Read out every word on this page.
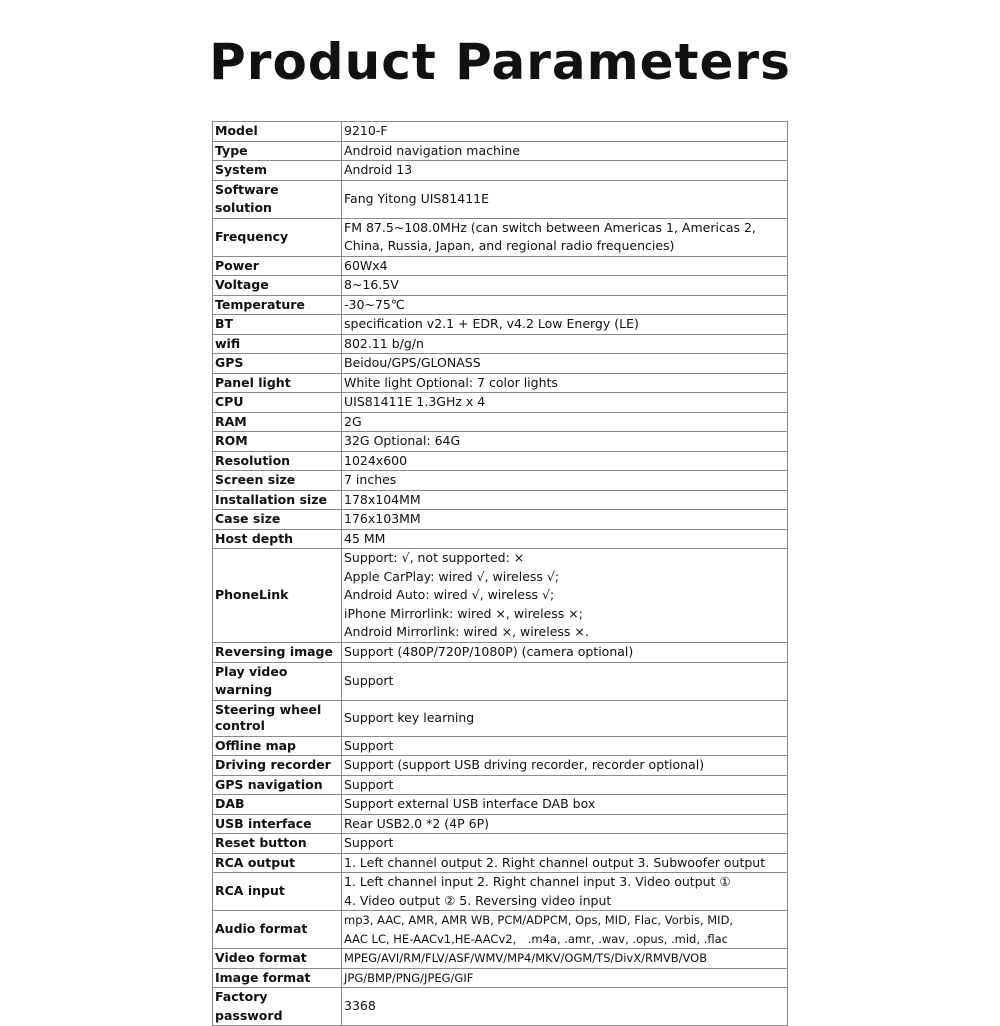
Product Parameters
Model	9210-F
Type	Android navigation machine
System	Android 13
Software solution	Fang Yitong UIS81411E
Frequency	FM 87.5~108.0MHz (can switch between Americas 1, Americas 2,
China, Russia, Japan, and regional radio frequencies)
Power	60Wx4
Voltage	8~16.5V
Temperature	-30~75℃
BT	specification v2.1 + EDR, v4.2 Low Energy (LE)
wifi	802.11 b/g/n
GPS	Beidou/GPS/GLONASS
Panel light	White light Optional: 7 color lights
CPU	UIS81411E 1.3GHz x 4
RAM	2G
ROM	32G Optional: 64G
Resolution	1024x600
Screen size	7 inches
Installation size	178x104MM
Case size	176x103MM
Host depth	45 MM
PhoneLink	Support: √, not supported: ×
Apple CarPlay: wired √, wireless √;
Android Auto: wired √, wireless √;
iPhone Mirrorlink: wired ×, wireless ×;
Android Mirrorlink: wired ×, wireless ×.
Reversing image	Support (480P/720P/1080P) (camera optional)
Play video warning	Support
Steering wheel control	Support key learning
Offline map	Support
Driving recorder	Support (support USB driving recorder, recorder optional)
GPS navigation	Support
DAB	Support external USB interface DAB box
USB interface	Rear USB2.0 *2 (4P 6P)
Reset button	Support
RCA output	1. Left channel output 2. Right channel output 3. Subwoofer output
RCA input	1. Left channel input 2. Right channel input 3. Video output ①
4. Video output ② 5. Reversing video input
Audio format	mp3, AAC, AMR, AMR WB, PCM/ADPCM, Ops, MID, Flac, Vorbis, MID,
AAC LC, HE-AACv1,HE-AACv2， .m4a, .amr, .wav, .opus, .mid, .flac
Video format	MPEG/AVI/RM/FLV/ASF/WMV/MP4/MKV/OGM/TS/DivX/RMVB/VOB
Image format	JPG/BMP/PNG/JPEG/GIF
Factory password	3368
